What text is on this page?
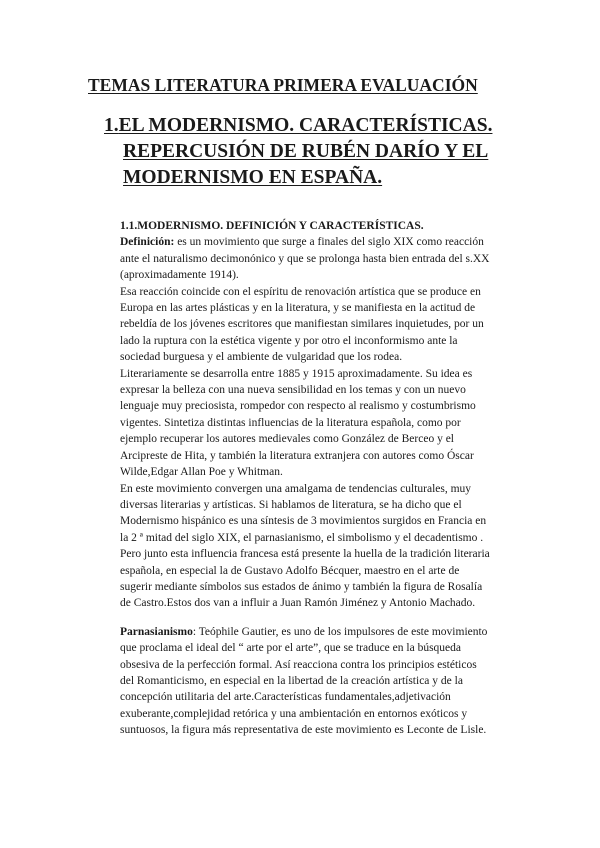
TEMAS LITERATURA PRIMERA EVALUACIÓN
1.EL MODERNISMO. CARACTERÍSTICAS.
REPERCUSIÓN DE RUBÉN DARÍO Y EL
MODERNISMO EN ESPAÑA.
1.1.MODERNISMO. DEFINICIÓN Y CARACTERÍSTICAS.
Definición: es un movimiento que surge a finales del siglo XIX como reacción
ante el naturalismo decimonónico y que se prolonga hasta bien entrada del s.XX
(aproximadamente 1914).
Esa reacción coincide con el espíritu de renovación artística que se produce en
Europa en las artes plásticas y en la literatura, y se manifiesta en la actitud de
rebeldía de los jóvenes escritores que manifiestan similares inquietudes, por un
lado la ruptura con la estética vigente y por otro el inconformismo ante la
sociedad burguesa y el ambiente de vulgaridad que los rodea.
Literariamente se desarrolla entre 1885 y 1915 aproximadamente. Su idea es
expresar la belleza con una nueva sensibilidad en los temas y con un nuevo
lenguaje muy preciosista, rompedor con respecto al realismo y costumbrismo
vigentes. Sintetiza distintas influencias de la literatura española, como por
ejemplo recuperar los autores medievales como González de Berceo y el
Arcipreste de Hita, y también la literatura extranjera con autores como Óscar
Wilde,Edgar Allan Poe y Whitman.
En este movimiento convergen una amalgama de tendencias culturales, muy
diversas literarias y artísticas. Si hablamos de literatura, se ha dicho que el
Modernismo hispánico es una síntesis de 3 movimientos surgidos en Francia en
la 2 ª mitad del siglo XIX, el parnasianismo, el simbolismo y el decadentismo .
Pero junto esta influencia francesa está presente la huella de la tradición literaria
española, en especial la de Gustavo Adolfo Bécquer, maestro en el arte de
sugerir mediante símbolos sus estados de ánimo y también la figura de Rosalía
de Castro.Estos dos van a influir a Juan Ramón Jiménez y Antonio Machado.
Parnasianismo: Teóphile Gautier, es uno de los impulsores de este movimiento
que proclama el ideal del “ arte por el arte”, que se traduce en la búsqueda
obsesiva de la perfección formal. Así reacciona contra los principios estéticos
del Romanticismo, en especial en la libertad de la creación artística y de la
concepción utilitaria del arte.Características fundamentales,adjetivación
exuberante,complejidad retórica y una ambientación en entornos exóticos y
suntuosos, la figura más representativa de este movimiento es Leconte de Lisle.
